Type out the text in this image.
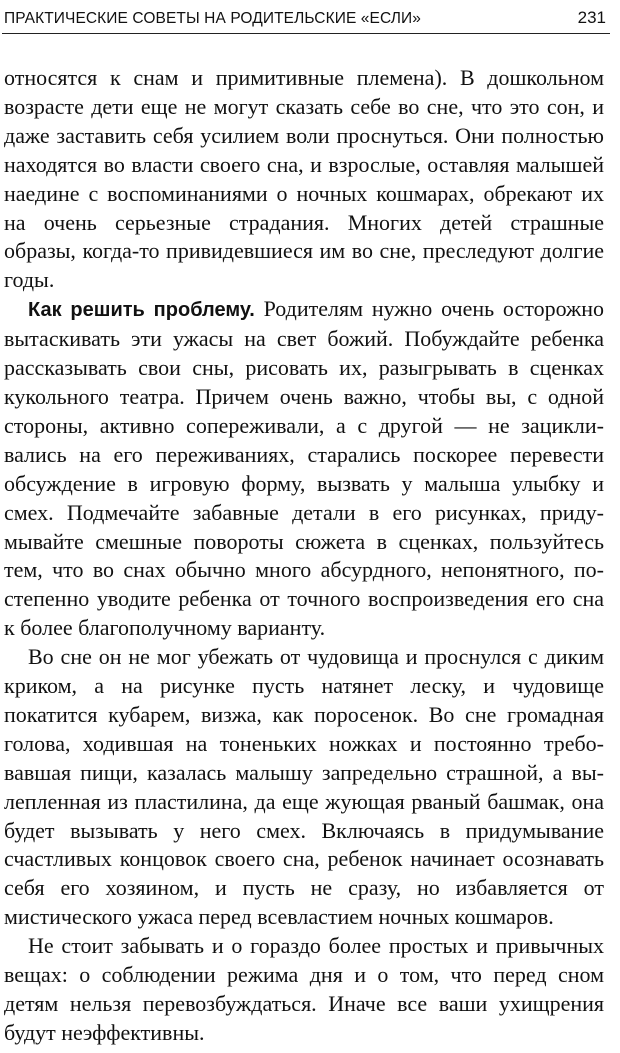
ПРАКТИЧЕСКИЕ СОВЕТЫ НА РОДИТЕЛЬСКИЕ «ЕСЛИ»	231

относятся к снам и примитивные племена). В дошкольном возрасте дети еще не могут сказать себе во сне, что это сон, и даже заставить себя усилием воли проснуться. Они полностью находятся во власти своего сна, и взрослые, оставляя малышей наедине с воспоминаниями о ночных кошмарах, обрекают их на очень серьезные страдания. Многих детей страшные образы, когда-то привидевшиеся им во сне, преследуют долгие годы.

Как решить проблему. Родителям нужно очень осторожно вытаскивать эти ужасы на свет божий. Побуждайте ребенка рассказывать свои сны, рисовать их, разыгрывать в сценках кукольного театра. Причем очень важно, чтобы вы, с одной стороны, активно сопереживали, а с другой — не зацикливались на его переживаниях, старались поскорее перевести обсуждение в игровую форму, вызвать у малыша улыбку и смех. Подмечайте забавные детали в его рисунках, придумывайте смешные повороты сюжета в сценках, пользуйтесь тем, что во снах обычно много абсурдного, непонятного, постепенно уводите ребенка от точного воспроизведения его сна к более благополучному варианту.

Во сне он не мог убежать от чудовища и проснулся с диким криком, а на рисунке пусть натянет леску, и чудовище покатится кубарем, визжа, как поросенок. Во сне громадная голова, ходившая на тоненьких ножках и постоянно требовавшая пищи, казалась малышу запредельно страшной, а вылепленная из пластилина, да еще жующая рваный башмак, она будет вызывать у него смех. Включаясь в придумывание счастливых концовок своего сна, ребенок начинает осознавать себя его хозяином, и пусть не сразу, но избавляется от мистического ужаса перед всевластием ночных кошмаров.

Не стоит забывать и о гораздо более простых и привычных вещах: о соблюдении режима дня и о том, что перед сном детям нельзя перевозбуждаться. Иначе все ваши ухищрения будут неэффективны.
